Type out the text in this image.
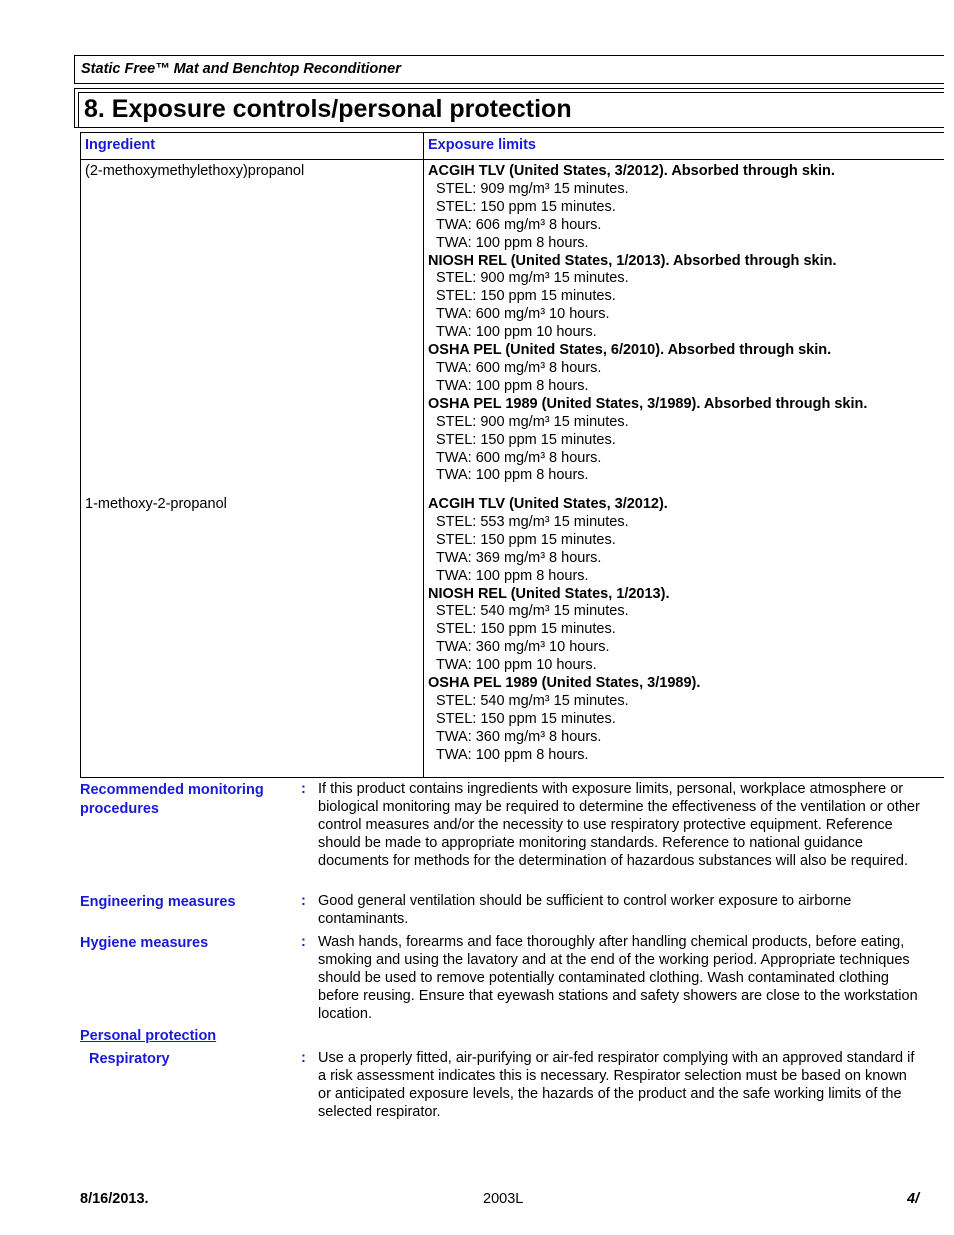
Static Free™ Mat and Benchtop Reconditioner
8. Exposure controls/personal protection
Ingredient	Exposure limits
(2-methoxymethylethoxy)propanol	ACGIH TLV (United States, 3/2012). Absorbed through skin.
STEL: 909 mg/m³ 15 minutes.
STEL: 150 ppm 15 minutes.
TWA: 606 mg/m³ 8 hours.
TWA: 100 ppm 8 hours.
NIOSH REL (United States, 1/2013). Absorbed through skin.
STEL: 900 mg/m³ 15 minutes.
STEL: 150 ppm 15 minutes.
TWA: 600 mg/m³ 10 hours.
TWA: 100 ppm 10 hours.
OSHA PEL (United States, 6/2010). Absorbed through skin.
TWA: 600 mg/m³ 8 hours.
TWA: 100 ppm 8 hours.
OSHA PEL 1989 (United States, 3/1989). Absorbed through skin.
STEL: 900 mg/m³ 15 minutes.
STEL: 150 ppm 15 minutes.
TWA: 600 mg/m³ 8 hours.
TWA: 100 ppm 8 hours.
1-methoxy-2-propanol	ACGIH TLV (United States, 3/2012).
STEL: 553 mg/m³ 15 minutes.
STEL: 150 ppm 15 minutes.
TWA: 369 mg/m³ 8 hours.
TWA: 100 ppm 8 hours.
NIOSH REL (United States, 1/2013).
STEL: 540 mg/m³ 15 minutes.
STEL: 150 ppm 15 minutes.
TWA: 360 mg/m³ 10 hours.
TWA: 100 ppm 10 hours.
OSHA PEL 1989 (United States, 3/1989).
STEL: 540 mg/m³ 15 minutes.
STEL: 150 ppm 15 minutes.
TWA: 360 mg/m³ 8 hours.
TWA: 100 ppm 8 hours.
Recommended monitoring
procedures
: If this product contains ingredients with exposure limits, personal, workplace atmosphere or biological monitoring may be required to determine the effectiveness of the ventilation or other control measures and/or the necessity to use respiratory protective equipment. Reference should be made to appropriate monitoring standards. Reference to national guidance documents for methods for the determination of hazardous substances will also be required.
Engineering measures	: Good general ventilation should be sufficient to control worker exposure to airborne contaminants.
Hygiene measures	: Wash hands, forearms and face thoroughly after handling chemical products, before eating, smoking and using the lavatory and at the end of the working period. Appropriate techniques should be used to remove potentially contaminated clothing. Wash contaminated clothing before reusing. Ensure that eyewash stations and safety showers are close to the workstation location.
Personal protection
Respiratory	: Use a properly fitted, air-purifying or air-fed respirator complying with an approved standard if a risk assessment indicates this is necessary. Respirator selection must be based on known or anticipated exposure levels, the hazards of the product and the safe working limits of the selected respirator.
8/16/2013.	2003L	4/
